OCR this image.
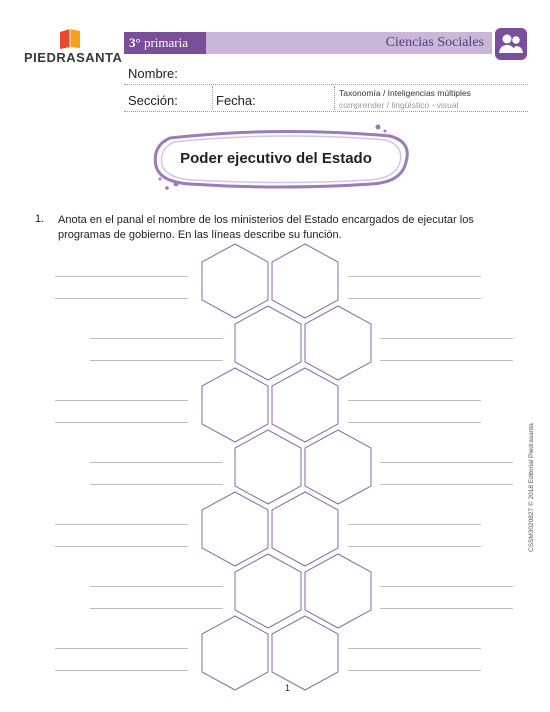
PIEDRASANTA
3° primaria	Ciencias Sociales
Nombre:
Sección:	Fecha:	Taxonomía / Inteligencias múltiples
comprender / lingüístico - visual
Poder ejecutivo del Estado
1. Anota en el panal el nombre de los ministerios del Estado encargados de ejecutar los programas de gobierno. En las líneas describe su función.
CSSM3020827 © 2018 Editorial Piedrasanta
1
